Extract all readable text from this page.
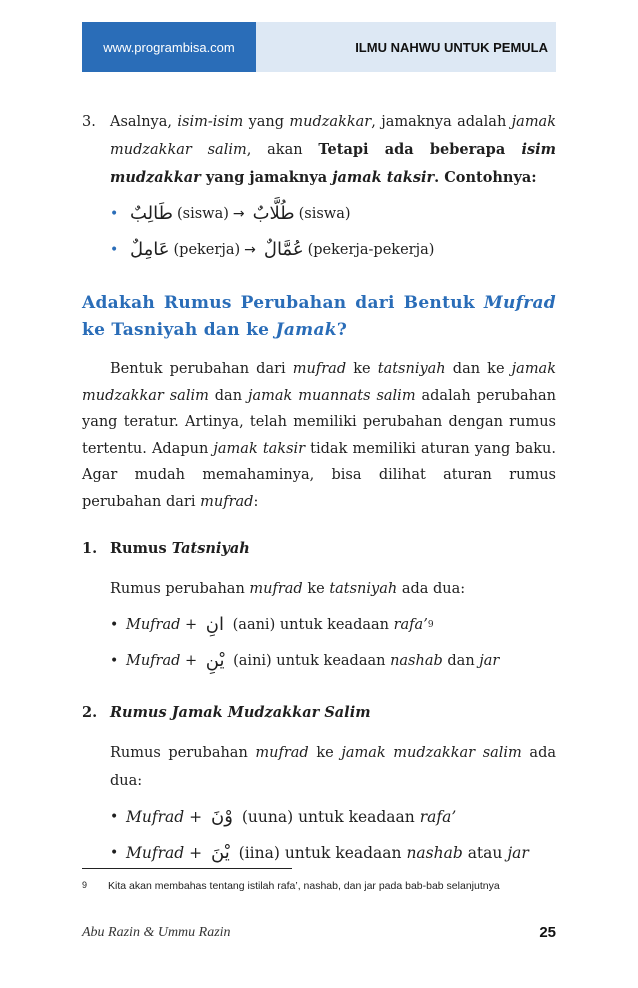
www.programbisa.com	ILMU NAHWU UNTUK PEMULA
3. Asalnya, isim-isim yang mudzakkar, jamaknya adalah jamak mudzakkar salim, akan Tetapi ada beberapa isim mudzakkar yang jamaknya jamak taksir. Contohnya:
• طَالِبٌ (siswa) → طُلَّابٌ (siswa)
• عَامِلٌ (pekerja) → عُمَّالٌ (pekerja-pekerja)
Adakah Rumus Perubahan dari Bentuk Mufrad ke Tasniyah dan ke Jamak?

Bentuk perubahan dari mufrad ke tatsniyah dan ke jamak mudzakkar salim dan jamak muannats salim adalah perubahan yang teratur. Artinya, telah memiliki perubahan dengan rumus tertentu. Adapun jamak taksir tidak memiliki aturan yang baku. Agar mudah memahaminya, bisa dilihat aturan rumus perubahan dari mufrad:

1. Rumus Tatsniyah

Rumus perubahan mufrad ke tatsniyah ada dua:

• Mufrad + انِ (aani) untuk keadaan rafa’ 9
• Mufrad + يْنِ (aini) untuk keadaan nashab dan jar
2. Rumus Jamak Mudzakkar Salim

Rumus perubahan mufrad ke jamak mudzakkar salim ada dua:

• Mufrad + وْنَ (uuna) untuk keadaan rafa’
• Mufrad + يْنَ (iina) untuk keadaan nashab atau jar
9	Kita akan membahas tentang istilah rafa’, nashab, dan jar pada bab-bab selanjutnya
Abu Razin & Ummu Razin	25
